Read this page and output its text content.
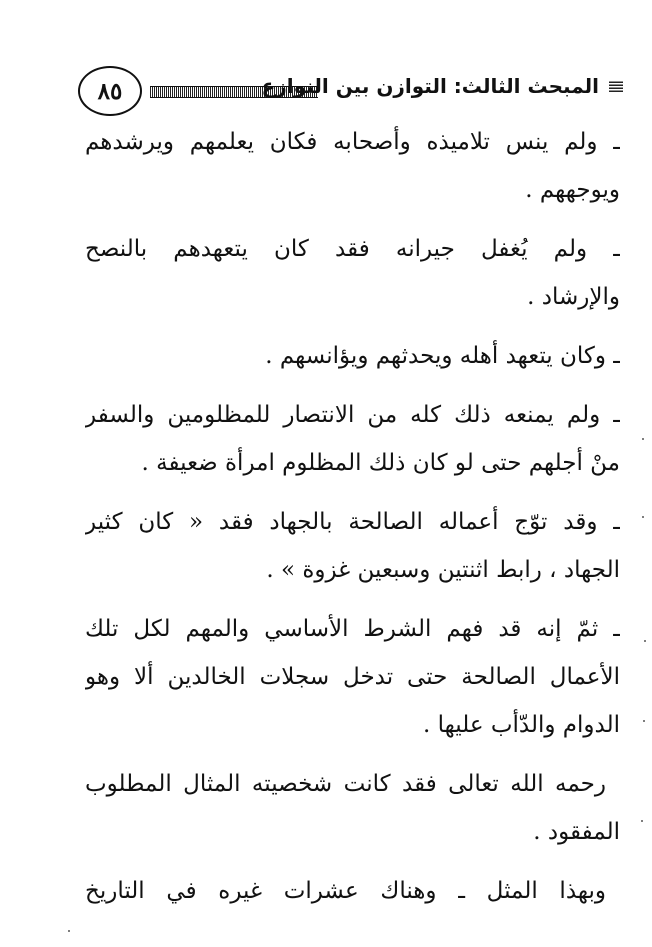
٨٥	المبحث الثالث: التوازن بين النوازع
ـ ولم ينس تلاميذه وأصحابه فكان يعلمهم ويرشدهم
ويوجههم .
ـ ولم يُغفل جيرانه فقد كان يتعهدهم بالنصح
والإرشاد .
ـ وكان يتعهد أهله ويحدثهم ويؤانسهم .
ـ ولم يمنعه ذلك كله من الانتصار للمظلومين والسفر
منْ أجلهم حتى لو كان ذلك المظلوم امرأة ضعيفة .
ـ وقد توّج أعماله الصالحة بالجهاد فقد « كان كثير
الجهاد ، رابط اثنتين وسبعين غزوة » .
ـ ثمّ إنه قد فهم الشرط الأساسي والمهم لكل تلك
الأعمال الصالحة حتى تدخل سجلات الخالدين ألا وهو
الدوام والدّأب عليها .
رحمه الله تعالى فقد كانت شخصيته المثال المطلوب
المفقود .
وبهذا المثل ـ وهناك عشرات غيره في التاريخ
